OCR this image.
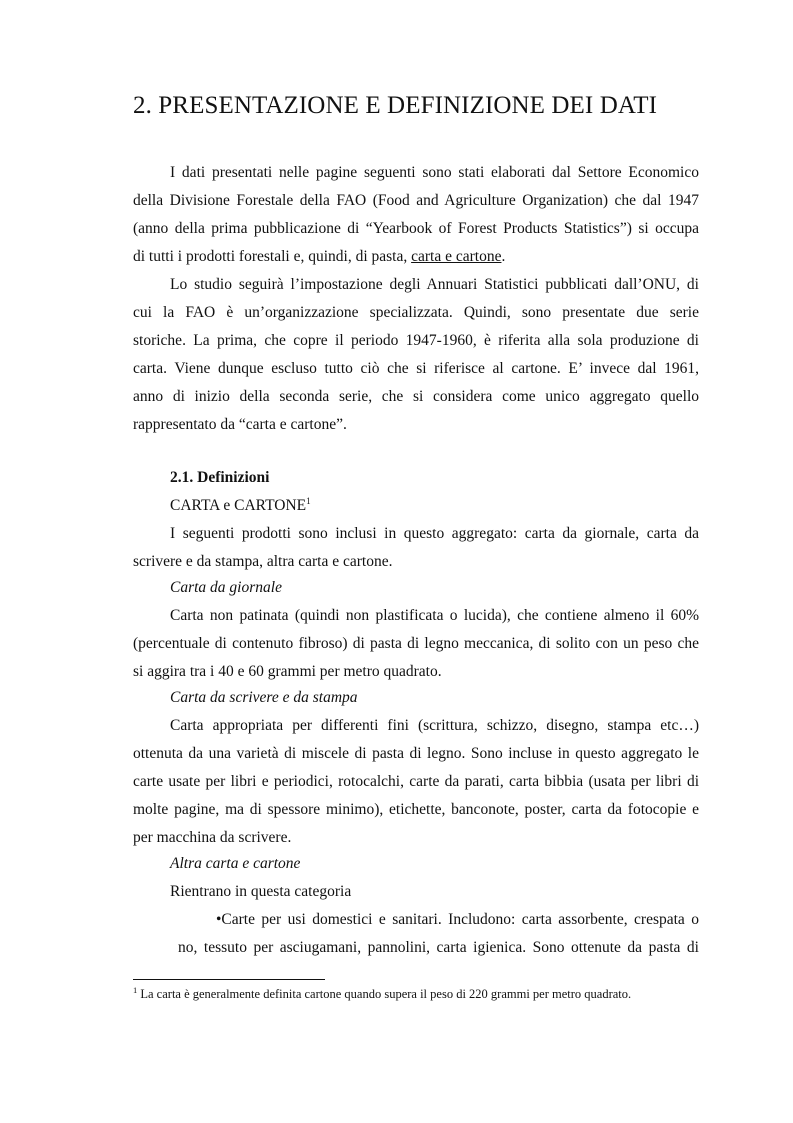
2. PRESENTAZIONE E DEFINIZIONE DEI DATI
I dati presentati nelle pagine seguenti sono stati elaborati dal Settore Economico
della Divisione Forestale della FAO (Food and Agriculture Organization) che dal 1947
(anno della prima pubblicazione di “Yearbook of Forest Products Statistics”) si occupa
di tutti i prodotti forestali e, quindi, di pasta, carta e cartone.
Lo studio seguirà l’impostazione degli Annuari Statistici pubblicati dall’ONU, di
cui la FAO è un’organizzazione specializzata. Quindi, sono presentate due serie
storiche. La prima, che copre il periodo 1947-1960, è riferita alla sola produzione di
carta. Viene dunque escluso tutto ciò che si riferisce al cartone. E’ invece dal 1961,
anno di inizio della seconda serie, che si considera come unico aggregato quello
rappresentato da “carta e cartone”.
2.1. Definizioni
CARTA e CARTONE$^1$
I seguenti prodotti sono inclusi in questo aggregato: carta da giornale, carta da
scrivere e da stampa, altra carta e cartone.
Carta da giornale
Carta non patinata (quindi non plastificata o lucida), che contiene almeno il 60%
(percentuale di contenuto fibroso) di pasta di legno meccanica, di solito con un peso che
si aggira tra i 40 e 60 grammi per metro quadrato.
Carta da scrivere e da stampa
Carta appropriata per differenti fini (scrittura, schizzo, disegno, stampa etc…)
ottenuta da una varietà di miscele di pasta di legno. Sono incluse in questo aggregato le
carte usate per libri e periodici, rotocalchi, carte da parati, carta bibbia (usata per libri di
molte pagine, ma di spessore minimo), etichette, banconote, poster, carta da fotocopie e
per macchina da scrivere.
Altra carta e cartone
Rientrano in questa categoria
•Carte per usi domestici e sanitari. Includono: carta assorbente, crespata o
no, tessuto per asciugamani, pannolini, carta igienica. Sono ottenute da pasta di
$^1$ La carta è generalmente definita cartone quando supera il peso di 220 grammi per metro quadrato.
